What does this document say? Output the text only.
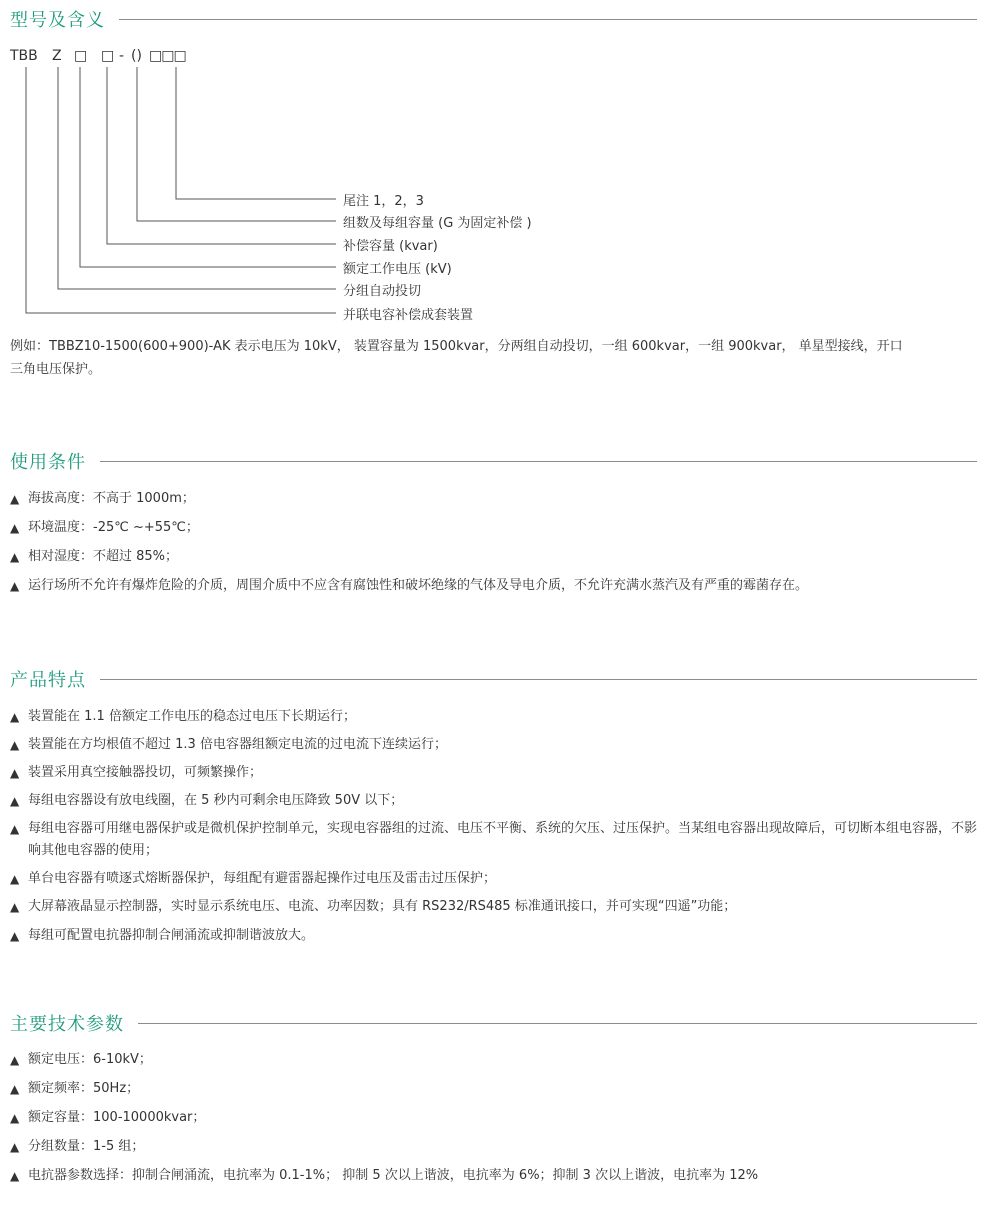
型号及含义
TBB Z □ □ - () □□□
尾注 1，2，3
组数及每组容量 (G 为固定补偿 )
补偿容量 (kvar)
额定工作电压 (kV)
分组自动投切
并联电容补偿成套装置
例如：TBBZ10-1500(600+900)-AK 表示电压为 10kV， 装置容量为 1500kvar，分两组自动投切，一组 600kvar，一组 900kvar， 单星型接线，开口
三角电压保护。
使用条件
▲ 海拔高度：不高于 1000m；
▲ 环境温度：-25℃ ~+55℃；
▲ 相对湿度：不超过 85%；
▲ 运行场所不允许有爆炸危险的介质，周围介质中不应含有腐蚀性和破坏绝缘的气体及导电介质，不允许充满水蒸汽及有严重的霉菌存在。
产品特点
▲ 装置能在 1.1 倍额定工作电压的稳态过电压下长期运行；
▲ 装置能在方均根值不超过 1.3 倍电容器组额定电流的过电流下连续运行；
▲ 装置采用真空接触器投切，可频繁操作；
▲ 每组电容器设有放电线圈，在 5 秒内可剩余电压降致 50V 以下；
▲ 每组电容器可用继电器保护或是微机保护控制单元，实现电容器组的过流、电压不平衡、系统的欠压、过压保护。当某组电容器出现故障后，可切断本组电容器，不影响其他电容器的使用；
▲ 单台电容器有喷逐式熔断器保护，每组配有避雷器起操作过电压及雷击过压保护；
▲ 大屏幕液晶显示控制器，实时显示系统电压、电流、功率因数；具有 RS232/RS485 标准通讯接口，并可实现“四遥”功能；
▲ 每组可配置电抗器抑制合闸涌流或抑制谐波放大。
主要技术参数
▲ 额定电压：6-10kV；
▲ 额定频率：50Hz；
▲ 额定容量：100-10000kvar；
▲ 分组数量：1-5 组；
▲ 电抗器参数选择：抑制合闸涌流，电抗率为 0.1-1%； 抑制 5 次以上谐波，电抗率为 6%；抑制 3 次以上谐波，电抗率为 12%
